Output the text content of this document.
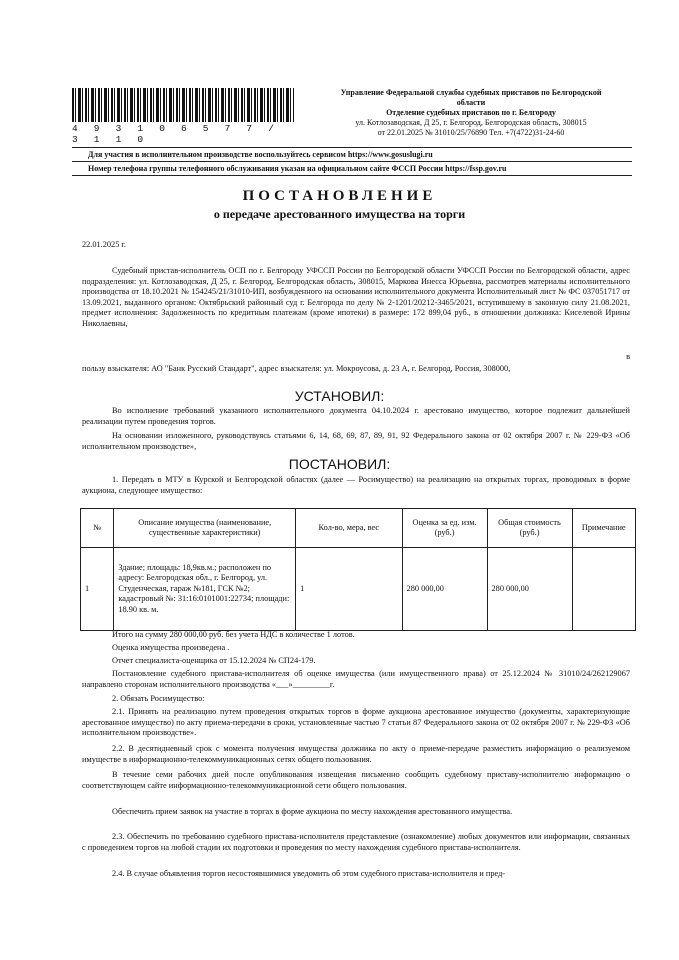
4 9 3 1 0 6 5 7 7 / 3 1 1 0
Управление Федеральной службы судебных приставов по Белгородской
области
Отделение судебных приставов по г. Белгороду
ул. Котлозаводская, Д 25, г. Белгород, Белгородская область, 308015
от 22.01.2025 № 31010/25/76890 Тел. +7(4722)31-24-60
Для участия в исполнительном производстве воспользуйтесь сервисом https://www.gosuslugi.ru
Номер телефона группы телефонного обслуживания указан на официальном сайте ФССП России https://fssp.gov.ru
ПОСТАНОВЛЕНИЕ
о передаче арестованного имущества на торги
22.01.2025 г.
Судебный пристав-исполнитель ОСП по г. Белгороду УФССП России по Белгородской области УФССП России по Белгородской области, адрес подразделения: ул. Котлозаводская, Д 25, г. Белгород, Белгородская область, 308015, Маркова Инесса Юрьевна, рассмотрев материалы исполнительного производства от 18.10.2021 № 154245/21/31010-ИП, возбужденного на основании исполнительного документа Исполнительный лист № ФС 037051717 от 13.09.2021, выданного органом: Октябрьский районный суд г. Белгорода по делу № 2-1201/20212-3465/2021, вступившему в законную силу 21.08.2021, предмет исполнения: Задолженность по кредитным платежам (кроме ипотеки) в размере: 172 899,04 руб., в отношении должника: Киселевой Ирины Николаевны,
в
пользу взыскателя: АО "Банк Русский Стандарт", адрес взыскателя: ул. Мокроусова, д. 23 А, г. Белгород, Россия, 308000,
УСТАНОВИЛ:
Во исполнение требований указанного исполнительного документа 04.10.2024 г. арестовано имущество, которое подлежит дальнейшей реализации путем проведения торгов.
На основании изложенного, руководствуясь статьями 6, 14, 68, 69, 87, 89, 91, 92 Федерального закона от 02 октября 2007 г. № 229-ФЗ «Об исполнительном производстве»,
ПОСТАНОВИЛ:
1. Передать в МТУ в Курской и Белгородской областях (далее — Росимущество) на реализацию на открытых торгах, проводимых в форме аукциона, следующее имущество:
№	Описание имущества (наименование, существенные характеристики)	Кол-во, мера, вес	Оценка за ед. изм. (руб.)	Общая стоимость (руб.)	Примечание
1	Здание; площадь: 18,9кв.м.; расположен по адресу: Белгородская обл., г. Белгород, ул. Студенческая, гараж №181, ГСК №2; кадастровый №: 31:16:0101001:22734; площади: 18.90 кв. м.	1	280 000,00	280 000,00	
Итого на сумму 280 000,00 руб. без учета НДС в количестве 1 лотов.
Оценка имущества произведена .
Отчет специалиста-оценщика от 15.12.2024 № СП24-179.
Постановление судебного пристава-исполнителя об оценке имущества (или имущественного права) от 25.12.2024 № 31010/24/262129067 направлено сторонам исполнительного производства «___»_________г.
2. Обязать Росимущество:
2.1. Принять на реализацию путем проведения открытых торгов в форме аукциона арестованное имущество (документы, характеризующие арестованное имущество) по акту приема-передачи в сроки, установленные частью 7 статьи 87 Федерального закона от 02 октября 2007 г. № 229-ФЗ «Об исполнительном производстве».
2.2. В десятидневный срок с момента получения имущества должника по акту о приеме-передаче разместить информацию о реализуемом имуществе в информационно-телекоммуникационных сетях общего пользования.
В течение семи рабочих дней после опубликования извещения письменно сообщить судебному приставу-исполнителю информацию о соответствующем сайте информационно-телекоммуникационной сети общего пользования.
Обеспечить прием заявок на участие в торгах в форме аукциона по месту нахождения арестованного имущества.
2.3. Обеспечить по требованию судебного пристава-исполнителя представление (ознакомление) любых документов или информации, связанных с проведением торгов на любой стадии их подготовки и проведения по месту нахождения судебного пристава-исполнителя.
2.4. В случае объявления торгов несостоявшимися уведомить об этом судебного пристава-исполнителя и пред-
